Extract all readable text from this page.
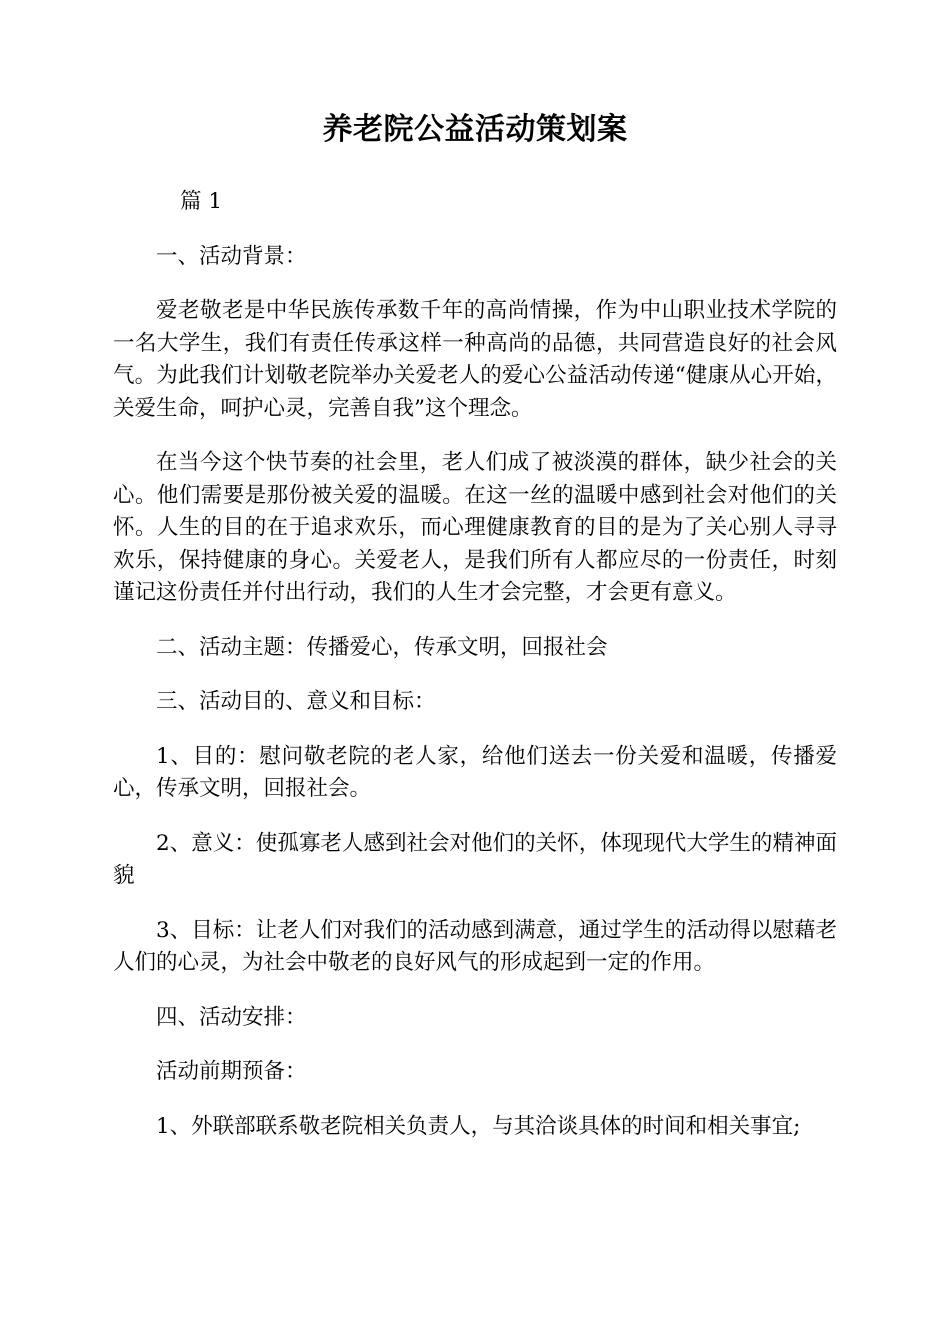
养老院公益活动策划案

篇 1

一、活动背景：

爱老敬老是中华民族传承数千年的高尚情操，作为中山职业技术学院的一名大学生，我们有责任传承这样一种高尚的品德，共同营造良好的社会风气。为此我们计划敬老院举办关爱老人的爱心公益活动传递“健康从心开始，关爱生命，呵护心灵，完善自我”这个理念。

在当今这个快节奏的社会里，老人们成了被淡漠的群体，缺少社会的关心。他们需要是那份被关爱的温暖。在这一丝的温暖中感到社会对他们的关怀。人生的目的在于追求欢乐，而心理健康教育的目的是为了关心别人寻寻欢乐，保持健康的身心。关爱老人，是我们所有人都应尽的一份责任，时刻谨记这份责任并付出行动，我们的人生才会完整，才会更有意义。

二、活动主题：传播爱心，传承文明，回报社会

三、活动目的、意义和目标：

1、目的：慰问敬老院的老人家，给他们送去一份关爱和温暖，传播爱心，传承文明，回报社会。

2、意义：使孤寡老人感到社会对他们的关怀，体现现代大学生的精神面貌

3、目标：让老人们对我们的活动感到满意，通过学生的活动得以慰藉老人们的心灵，为社会中敬老的良好风气的形成起到一定的作用。

四、活动安排：

活动前期预备：

1、外联部联系敬老院相关负责人，与其洽谈具体的时间和相关事宜;
